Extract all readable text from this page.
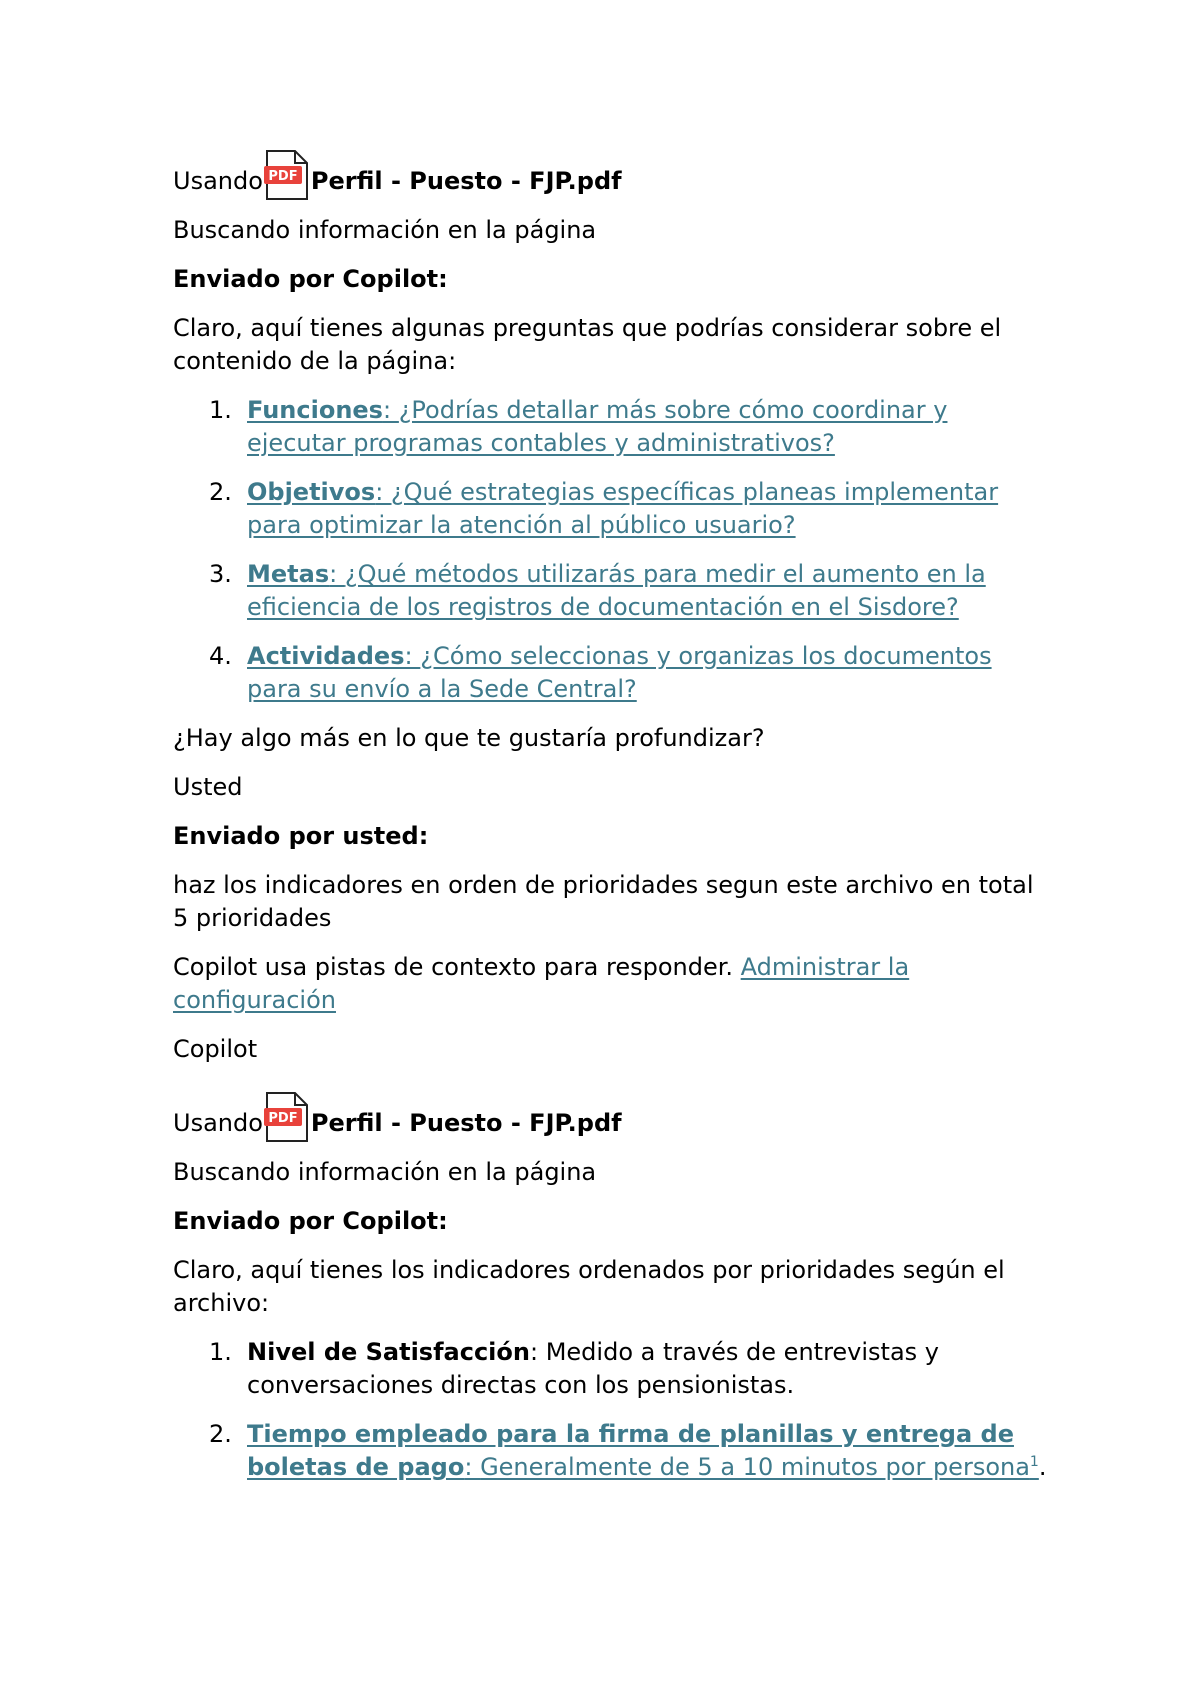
Usando PDF Perfil - Puesto - FJP.pdf

Buscando información en la página

Enviado por Copilot:

Claro, aquí tienes algunas preguntas que podrías considerar sobre el contenido de la página:

1. Funciones: ¿Podrías detallar más sobre cómo coordinar y ejecutar programas contables y administrativos?
2. Objetivos: ¿Qué estrategias específicas planeas implementar para optimizar la atención al público usuario?
3. Metas: ¿Qué métodos utilizarás para medir el aumento en la eficiencia de los registros de documentación en el Sisdore?
4. Actividades: ¿Cómo seleccionas y organizas los documentos para su envío a la Sede Central?

¿Hay algo más en lo que te gustaría profundizar?

Usted

Enviado por usted:

haz los indicadores en orden de prioridades segun este archivo en total 5 prioridades

Copilot usa pistas de contexto para responder. Administrar la configuración

Copilot

Usando PDF Perfil - Puesto - FJP.pdf

Buscando información en la página

Enviado por Copilot:

Claro, aquí tienes los indicadores ordenados por prioridades según el archivo:

1. Nivel de Satisfacción: Medido a través de entrevistas y conversaciones directas con los pensionistas.
2. Tiempo empleado para la firma de planillas y entrega de boletas de pago: Generalmente de 5 a 10 minutos por persona$^1$.
